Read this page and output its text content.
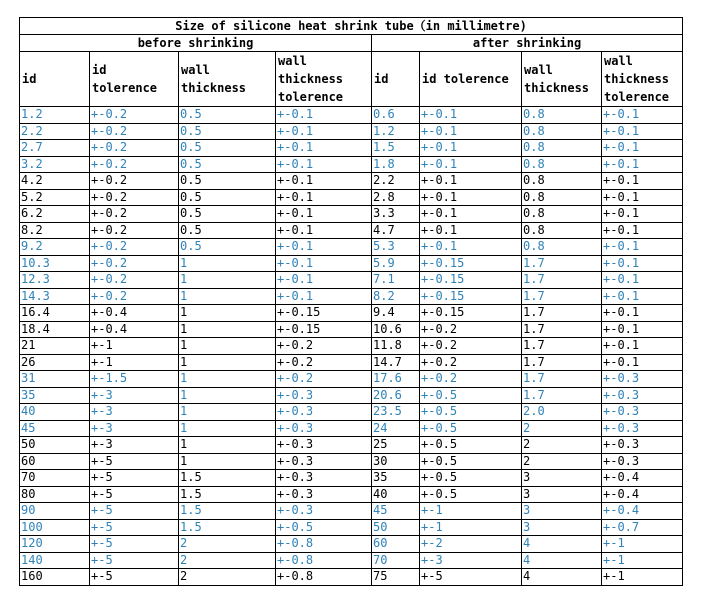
Size of silicone heat shrink tube（in millimetre)							
before shrinking				after shrinking			
id	id tolerence	wall thickness	wall thickness tolerence	id	id tolerence	wall thickness	wall thickness tolerence
1.2	+-0.2	0.5	+-0.1	0.6	+-0.1	0.8	+-0.1
2.2	+-0.2	0.5	+-0.1	1.2	+-0.1	0.8	+-0.1
2.7	+-0.2	0.5	+-0.1	1.5	+-0.1	0.8	+-0.1
3.2	+-0.2	0.5	+-0.1	1.8	+-0.1	0.8	+-0.1
4.2	+-0.2	0.5	+-0.1	2.2	+-0.1	0.8	+-0.1
5.2	+-0.2	0.5	+-0.1	2.8	+-0.1	0.8	+-0.1
6.2	+-0.2	0.5	+-0.1	3.3	+-0.1	0.8	+-0.1
8.2	+-0.2	0.5	+-0.1	4.7	+-0.1	0.8	+-0.1
9.2	+-0.2	0.5	+-0.1	5.3	+-0.1	0.8	+-0.1
10.3	+-0.2	1	+-0.1	5.9	+-0.15	1.7	+-0.1
12.3	+-0.2	1	+-0.1	7.1	+-0.15	1.7	+-0.1
14.3	+-0.2	1	+-0.1	8.2	+-0.15	1.7	+-0.1
16.4	+-0.4	1	+-0.15	9.4	+-0.15	1.7	+-0.1
18.4	+-0.4	1	+-0.15	10.6	+-0.2	1.7	+-0.1
21	+-1	1	+-0.2	11.8	+-0.2	1.7	+-0.1
26	+-1	1	+-0.2	14.7	+-0.2	1.7	+-0.1
31	+-1.5	1	+-0.2	17.6	+-0.2	1.7	+-0.3
35	+-3	1	+-0.3	20.6	+-0.5	1.7	+-0.3
40	+-3	1	+-0.3	23.5	+-0.5	2.0	+-0.3
45	+-3	1	+-0.3	24	+-0.5	2	+-0.3
50	+-3	1	+-0.3	25	+-0.5	2	+-0.3
60	+-5	1	+-0.3	30	+-0.5	2	+-0.3
70	+-5	1.5	+-0.3	35	+-0.5	3	+-0.4
80	+-5	1.5	+-0.3	40	+-0.5	3	+-0.4
90	+-5	1.5	+-0.3	45	+-1	3	+-0.4
100	+-5	1.5	+-0.5	50	+-1	3	+-0.7
120	+-5	2	+-0.8	60	+-2	4	+-1
140	+-5	2	+-0.8	70	+-3	4	+-1
160	+-5	2	+-0.8	75	+-5	4	+-1
